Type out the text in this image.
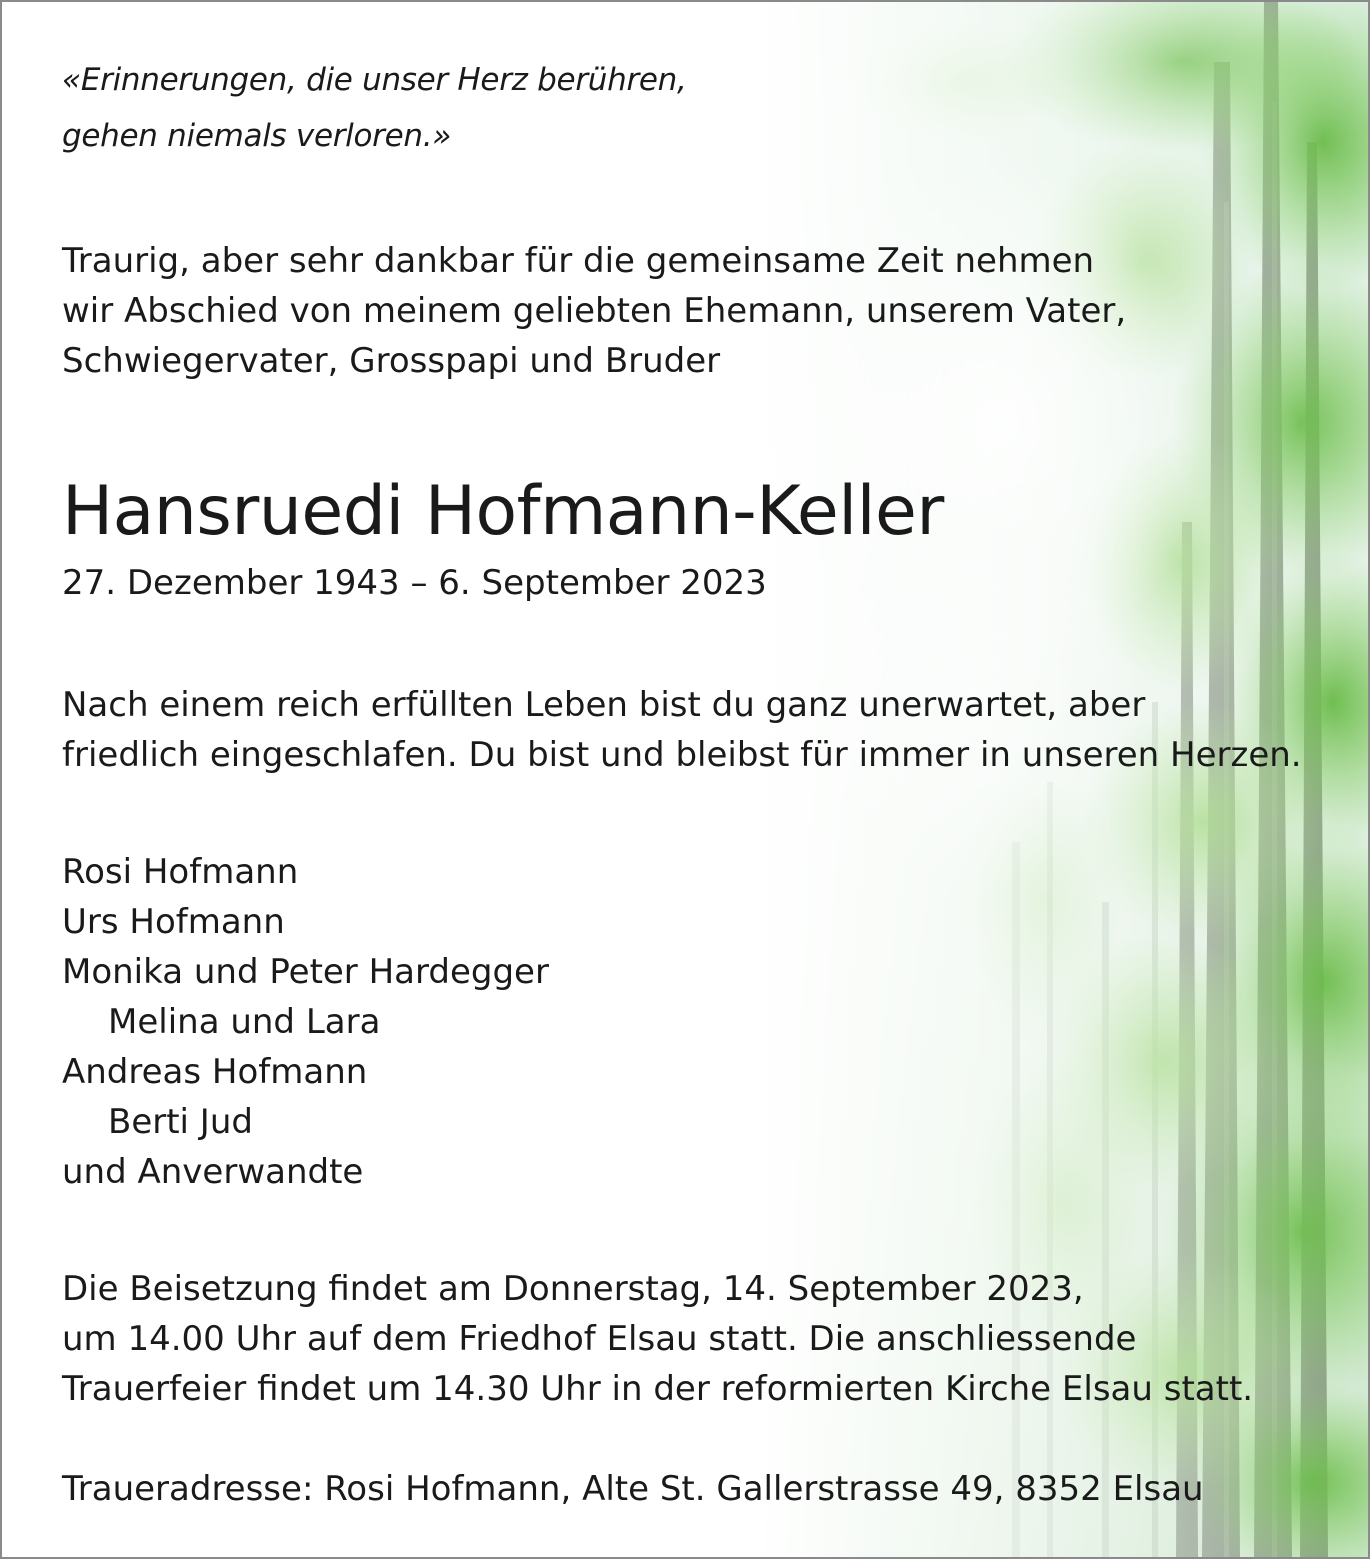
«Erinnerungen, die unser Herz berühren,
gehen niemals verloren.»
Traurig, aber sehr dankbar für die gemeinsame Zeit nehmen
wir Abschied von meinem geliebten Ehemann, unserem Vater,
Schwiegervater, Grosspapi und Bruder
Hansruedi Hofmann-Keller
27. Dezember 1943 – 6. September 2023
Nach einem reich erfüllten Leben bist du ganz unerwartet, aber
friedlich eingeschlafen. Du bist und bleibst für immer in unseren Herzen.
Rosi Hofmann
Urs Hofmann
Monika und Peter Hardegger
Melina und Lara
Andreas Hofmann
Berti Jud
und Anverwandte
Die Beisetzung findet am Donnerstag, 14. September 2023,
um 14.00 Uhr auf dem Friedhof Elsau statt. Die anschliessende
Trauerfeier findet um 14.30 Uhr in der reformierten Kirche Elsau statt.
Traueradresse: Rosi Hofmann, Alte St. Gallerstrasse 49, 8352 Elsau
